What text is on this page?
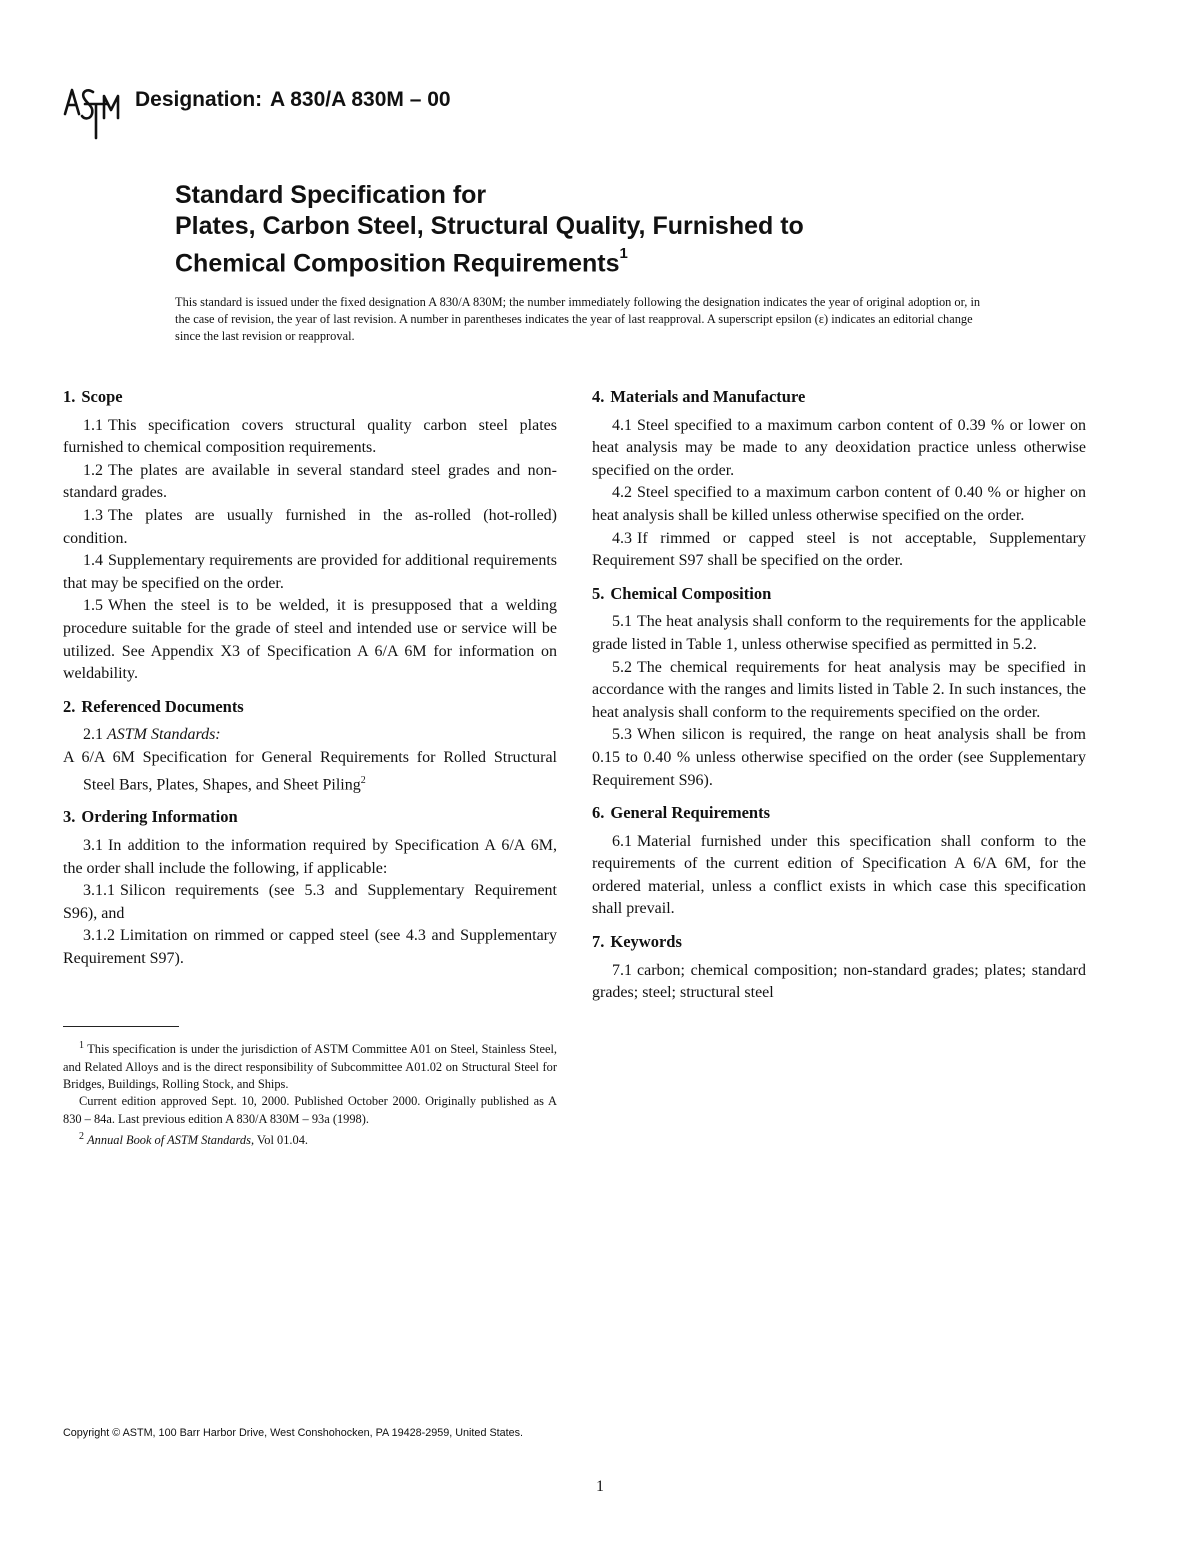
Designation: A 830/A 830M – 00
Standard Specification for
Plates, Carbon Steel, Structural Quality, Furnished to
Chemical Composition Requirements$^1$
This standard is issued under the fixed designation A 830/A 830M; the number immediately following the designation indicates the year of original adoption or, in the case of revision, the year of last revision. A number in parentheses indicates the year of last reapproval. A superscript epsilon (ε) indicates an editorial change since the last revision or reapproval.
1. Scope

1.1 This specification covers structural quality carbon steel plates furnished to chemical composition requirements.

1.2 The plates are available in several standard steel grades and non-standard grades.

1.3 The plates are usually furnished in the as-rolled (hot-rolled) condition.

1.4 Supplementary requirements are provided for additional requirements that may be specified on the order.

1.5 When the steel is to be welded, it is presupposed that a welding procedure suitable for the grade of steel and intended use or service will be utilized. See Appendix X3 of Specification A 6/A 6M for information on weldability.

2. Referenced Documents

2.1 ASTM Standards:

A 6/A 6M Specification for General Requirements for Rolled Structural Steel Bars, Plates, Shapes, and Sheet Piling$^2$

3. Ordering Information

3.1 In addition to the information required by Specification A 6/A 6M, the order shall include the following, if applicable:

3.1.1 Silicon requirements (see 5.3 and Supplementary Requirement S96), and

3.1.2 Limitation on rimmed or capped steel (see 4.3 and Supplementary Requirement S97).

4. Materials and Manufacture

4.1 Steel specified to a maximum carbon content of 0.39 % or lower on heat analysis may be made to any deoxidation practice unless otherwise specified on the order.

4.2 Steel specified to a maximum carbon content of 0.40 % or higher on heat analysis shall be killed unless otherwise specified on the order.

4.3 If rimmed or capped steel is not acceptable, Supplementary Requirement S97 shall be specified on the order.

5. Chemical Composition

5.1 The heat analysis shall conform to the requirements for the applicable grade listed in Table 1, unless otherwise specified as permitted in 5.2.

5.2 The chemical requirements for heat analysis may be specified in accordance with the ranges and limits listed in Table 2. In such instances, the heat analysis shall conform to the requirements specified on the order.

5.3 When silicon is required, the range on heat analysis shall be from 0.15 to 0.40 % unless otherwise specified on the order (see Supplementary Requirement S96).

6. General Requirements

6.1 Material furnished under this specification shall conform to the requirements of the current edition of Specification A 6/A 6M, for the ordered material, unless a conflict exists in which case this specification shall prevail.

7. Keywords

7.1 carbon; chemical composition; non-standard grades; plates; standard grades; steel; structural steel

$^1$ This specification is under the jurisdiction of ASTM Committee A01 on Steel, Stainless Steel, and Related Alloys and is the direct responsibility of Subcommittee A01.02 on Structural Steel for Bridges, Buildings, Rolling Stock, and Ships.

Current edition approved Sept. 10, 2000. Published October 2000. Originally published as A 830 – 84a. Last previous edition A 830/A 830M – 93a (1998).

$^2$ Annual Book of ASTM Standards, Vol 01.04.

Copyright © ASTM, 100 Barr Harbor Drive, West Conshohocken, PA 19428-2959, United States.
1
